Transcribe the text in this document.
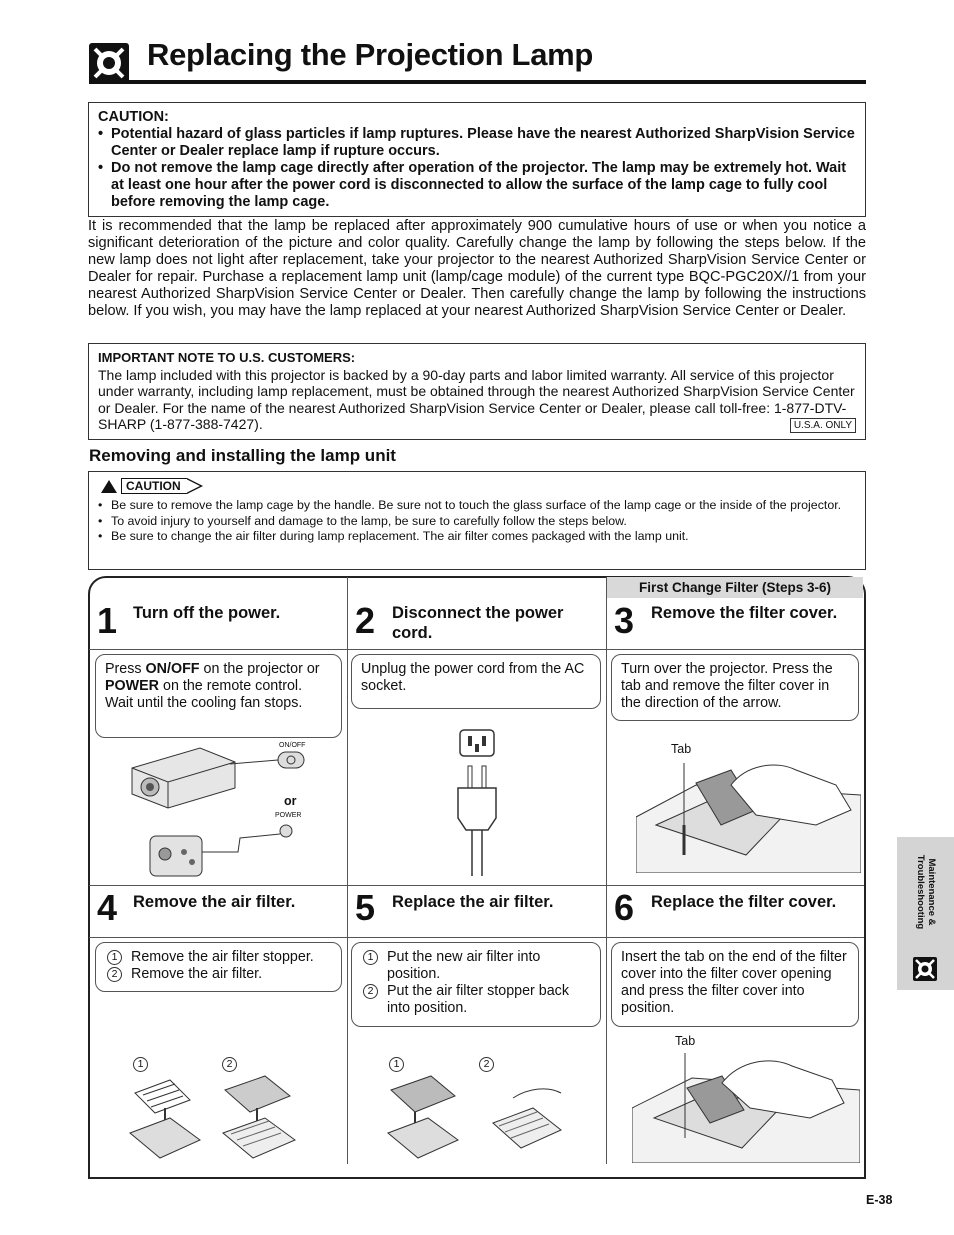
Replacing the Projection Lamp
CAUTION:
• Potential hazard of glass particles if lamp ruptures. Please have the nearest Authorized SharpVision Service Center or Dealer replace lamp if rupture occurs.
• Do not remove the lamp cage directly after operation of the projector. The lamp may be extremely hot. Wait at least one hour after the power cord is disconnected to allow the surface of the lamp cage to fully cool before removing the lamp cage.
It is recommended that the lamp be replaced after approximately 900 cumulative hours of use or when you notice a significant deterioration of the picture and color quality. Carefully change the lamp by following the steps below. If the new lamp does not light after replacement, take your projector to the nearest Authorized SharpVision Service Center or Dealer for repair. Purchase a replacement lamp unit (lamp/cage module) of the current type BQC-PGC20X//1 from your nearest Authorized SharpVision Service Center or Dealer. Then carefully change the lamp by following the instructions below. If you wish, you may have the lamp replaced at your nearest Authorized SharpVision Service Center or Dealer.
IMPORTANT NOTE TO U.S. CUSTOMERS:
The lamp included with this projector is backed by a 90-day parts and labor limited warranty. All service of this projector under warranty, including lamp replacement, must be obtained through the nearest Authorized SharpVision Service Center or Dealer. For the name of the nearest Authorized SharpVision Service Center or Dealer, please call toll-free: 1-877-DTV-SHARP (1-877-388-7427).	U.S.A. ONLY
Removing and installing the lamp unit
CAUTION
• Be sure to remove the lamp cage by the handle. Be sure not to touch the glass surface of the lamp cage or the inside of the projector.
• To avoid injury to yourself and damage to the lamp, be sure to carefully follow the steps below.
• Be sure to change the air filter during lamp replacement. The air filter comes packaged with the lamp unit.
First Change Filter (Steps 3-6)
1 Turn off the power.
Press ON/OFF on the projector or POWER on the remote control. Wait until the cooling fan stops.
ON/OFF
or
POWER
2 Disconnect the power cord.
Unplug the power cord from the AC socket.
3 Remove the filter cover.
Turn over the projector. Press the tab and remove the filter cover in the direction of the arrow.
Tab
4 Remove the air filter.
1 Remove the air filter stopper.
2 Remove the air filter.
1	2
5 Replace the air filter.
1 Put the new air filter into position.
2 Put the air filter stopper back into position.
1	2
6 Replace the filter cover.
Insert the tab on the end of the filter cover into the filter cover opening and press the filter cover into position.
Tab
Maintenance &
Troubleshooting
E-38
